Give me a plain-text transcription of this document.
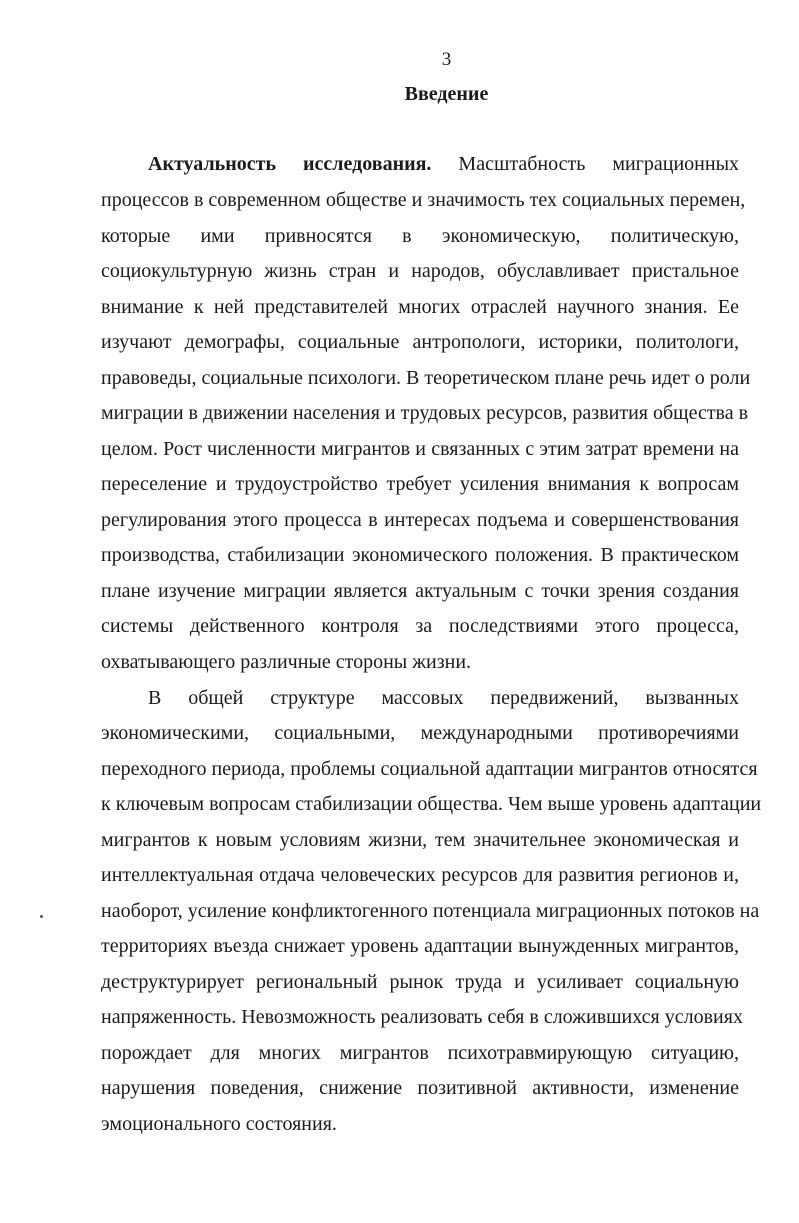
3
Введение
Актуальность исследования. Масштабность миграционных
процессов в современном обществе и значимость тех социальных перемен,
которые ими привносятся в экономическую, политическую,
социокультурную жизнь стран и народов, обуславливает пристальное
внимание к ней представителей многих отраслей научного знания. Ее
изучают демографы, социальные антропологи, историки, политологи,
правоведы, социальные психологи. В теоретическом плане речь идет о роли
миграции в движении населения и трудовых ресурсов, развития общества в
целом. Рост численности мигрантов и связанных с этим затрат времени на
переселение и трудоустройство требует усиления внимания к вопросам
регулирования этого процесса в интересах подъема и совершенствования
производства, стабилизации экономического положения. В практическом
плане изучение миграции является актуальным с точки зрения создания
системы действенного контроля за последствиями этого процесса,
охватывающего различные стороны жизни.
В общей структуре массовых передвижений, вызванных
экономическими, социальными, международными противоречиями
переходного периода, проблемы социальной адаптации мигрантов относятся
к ключевым вопросам стабилизации общества. Чем выше уровень адаптации
мигрантов к новым условиям жизни, тем значительнее экономическая и
интеллектуальная отдача человеческих ресурсов для развития регионов и,
наоборот, усиление конфликтогенного потенциала миграционных потоков на
территориях въезда снижает уровень адаптации вынужденных мигрантов,
деструктурирует региональный рынок труда и усиливает социальную
напряженность. Невозможность реализовать себя в сложившихся условиях
порождает для многих мигрантов психотравмирующую ситуацию,
нарушения поведения, снижение позитивной активности, изменение
эмоционального состояния.
